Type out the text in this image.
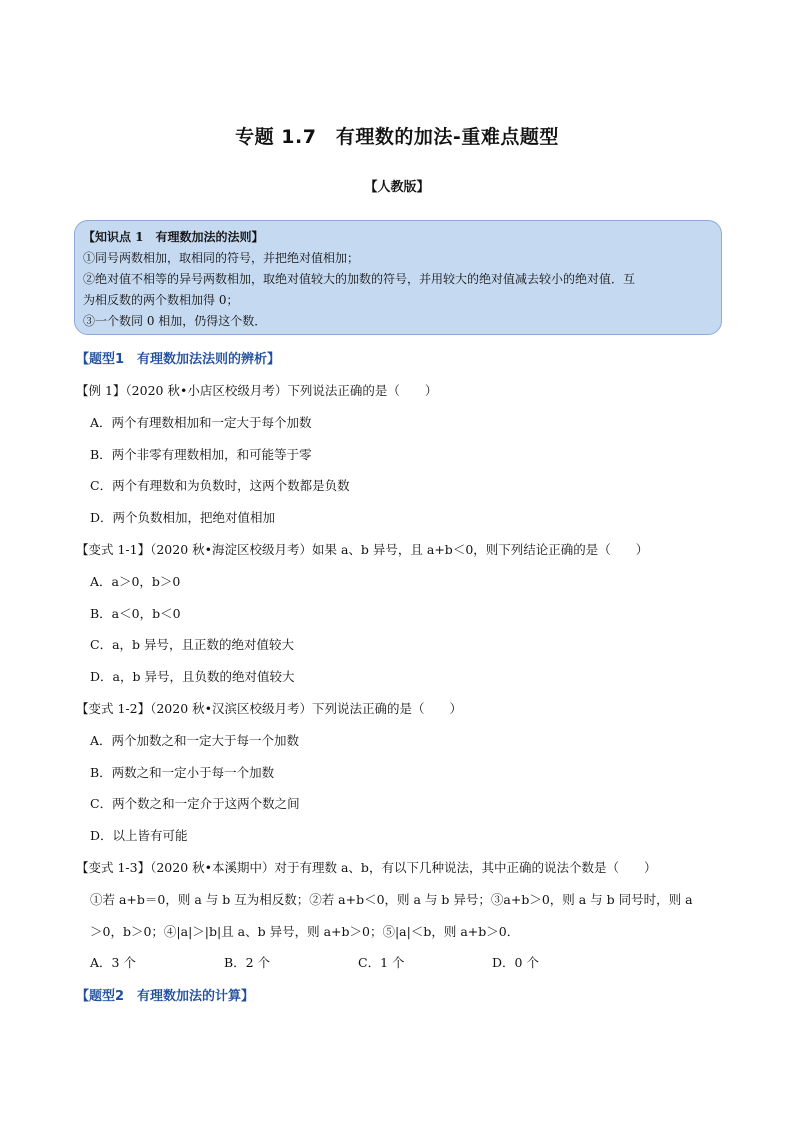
专题 1.7　有理数的加法-重难点题型
【人教版】
【知识点 1　有理数加法的法则】
①同号两数相加，取相同的符号，并把绝对值相加；
②绝对值不相等的异号两数相加，取绝对值较大的加数的符号，并用较大的绝对值减去较小的绝对值．互
为相反数的两个数相加得 0；
③一个数同 0 相加，仍得这个数．
【题型1　有理数加法法则的辨析】
【例 1】（2020 秋•小店区校级月考）下列说法正确的是（　　）
A．两个有理数相加和一定大于每个加数
B．两个非零有理数相加，和可能等于零
C．两个有理数和为负数时，这两个数都是负数
D．两个负数相加，把绝对值相加
【变式 1-1】（2020 秋•海淀区校级月考）如果 a、b 异号，且 a+b＜0，则下列结论正确的是（　　）
A．a＞0，b＞0
B．a＜0，b＜0
C．a，b 异号，且正数的绝对值较大
D．a，b 异号，且负数的绝对值较大
【变式 1-2】（2020 秋•汉滨区校级月考）下列说法正确的是（　　）
A．两个加数之和一定大于每一个加数
B．两数之和一定小于每一个加数
C．两个数之和一定介于这两个数之间
D．以上皆有可能
【变式 1-3】（2020 秋•本溪期中）对于有理数 a、b，有以下几种说法，其中正确的说法个数是（　　）
①若 a+b＝0，则 a 与 b 互为相反数；②若 a+b＜0，则 a 与 b 异号；③a+b＞0，则 a 与 b 同号时，则 a
＞0，b＞0；④|a|＞|b|且 a、b 异号，则 a+b＞0；⑤|a|＜b，则 a+b＞0．
A．3 个	B．2 个	C．1 个	D．0 个
【题型2　有理数加法的计算】
